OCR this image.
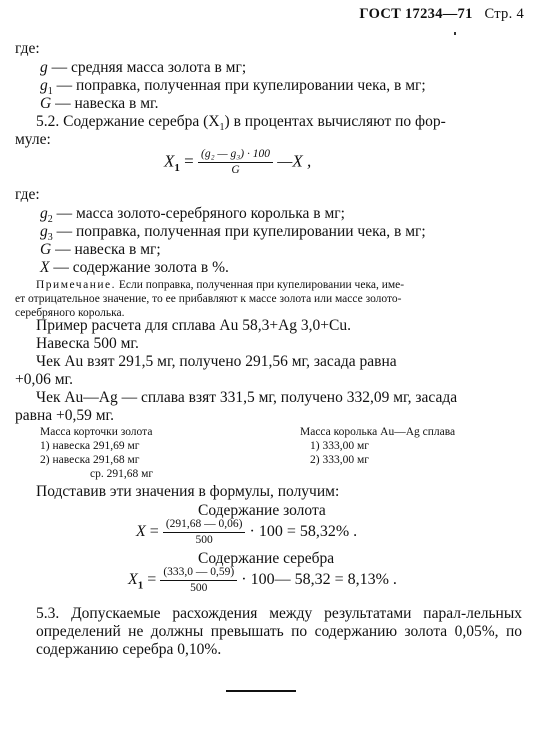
ГОСТ 17234—71 Стр. 4
где:
g — средняя масса золота в мг;
$g_1$ — поправка, полученная при купелировании чека, в мг;
G — навеска в мг.
5.2. Содержание серебра $(X_1)$ в процентах вычисляют по фор-
муле:
$X_1 = \frac{\text{(g₂ — g₃) · 100}}{G}$ —X ,
где:
$g_2$ — масса золото-серебряного королька в мг;
$g_3$ — поправка, полученная при купелировании чека, в мг;
G — навеска в мг;
X — содержание золота в %.
Примечание. Если поправка, полученная при купелировании чека, име-
ет отрицательное значение, то ее прибавляют к массе золота или массе золото-
серебряного королька.
Пример расчета для сплава Au 58,3+Ag 3,0+Cu.
Навеска 500 мг.
Чек Au взят 291,5 мг, получено 291,56 мг, засада равна
+0,06 мг.
Чек Au—Ag — сплава взят 331,5 мг, получено 332,09 мг, засада
равна +0,59 мг.
Масса корточки золота
1) навеска 291,69 мг
2) навеска 291,68 мг
ср. 291,68 мг
Масса королька Au—Ag сплава
1) 333,00 мг
2) 333,00 мг
Подставив эти значения в формулы, получим:
Содержание золота
$X = \frac{(291,68 — 0,06)}{500} \cdot 100 = 58,32\%$ .
Содержание серебра
$X_1 = \frac{(333,0 — 0,59)}{500}$ · 100— 58,32 = 8,13% .
5.3. Допускаемые расхождения между результатами парал-лельных определений не должны превышать по содержанию золота 0,05%, по содержанию серебра 0,10%.
